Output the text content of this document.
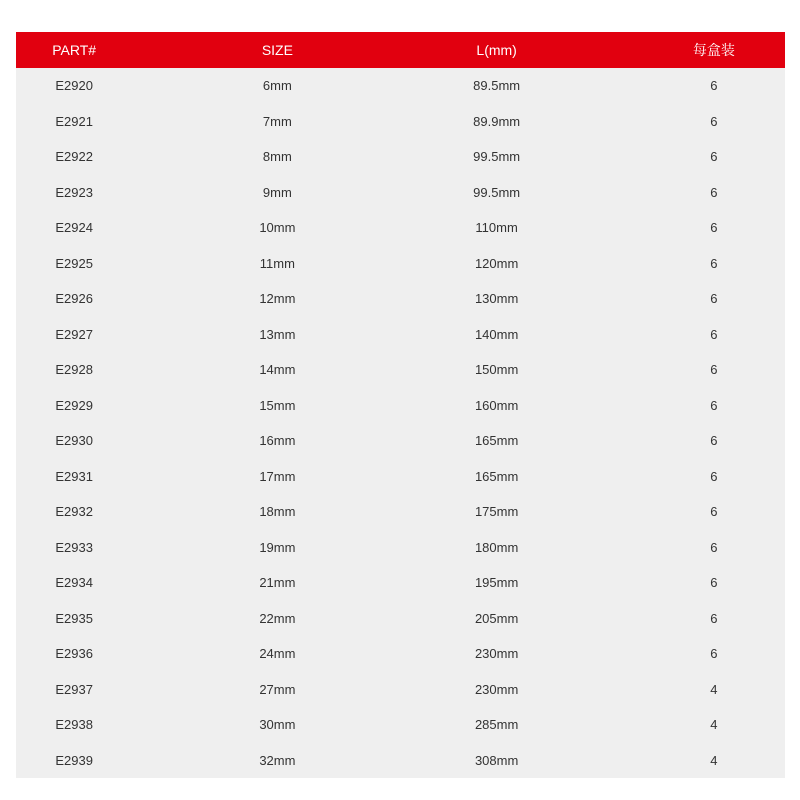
PART#	SIZE	L(mm)	每盒装
E2920	6mm	89.5mm	6
E2921	7mm	89.9mm	6
E2922	8mm	99.5mm	6
E2923	9mm	99.5mm	6
E2924	10mm	110mm	6
E2925	11mm	120mm	6
E2926	12mm	130mm	6
E2927	13mm	140mm	6
E2928	14mm	150mm	6
E2929	15mm	160mm	6
E2930	16mm	165mm	6
E2931	17mm	165mm	6
E2932	18mm	175mm	6
E2933	19mm	180mm	6
E2934	21mm	195mm	6
E2935	22mm	205mm	6
E2936	24mm	230mm	6
E2937	27mm	230mm	4
E2938	30mm	285mm	4
E2939	32mm	308mm	4
